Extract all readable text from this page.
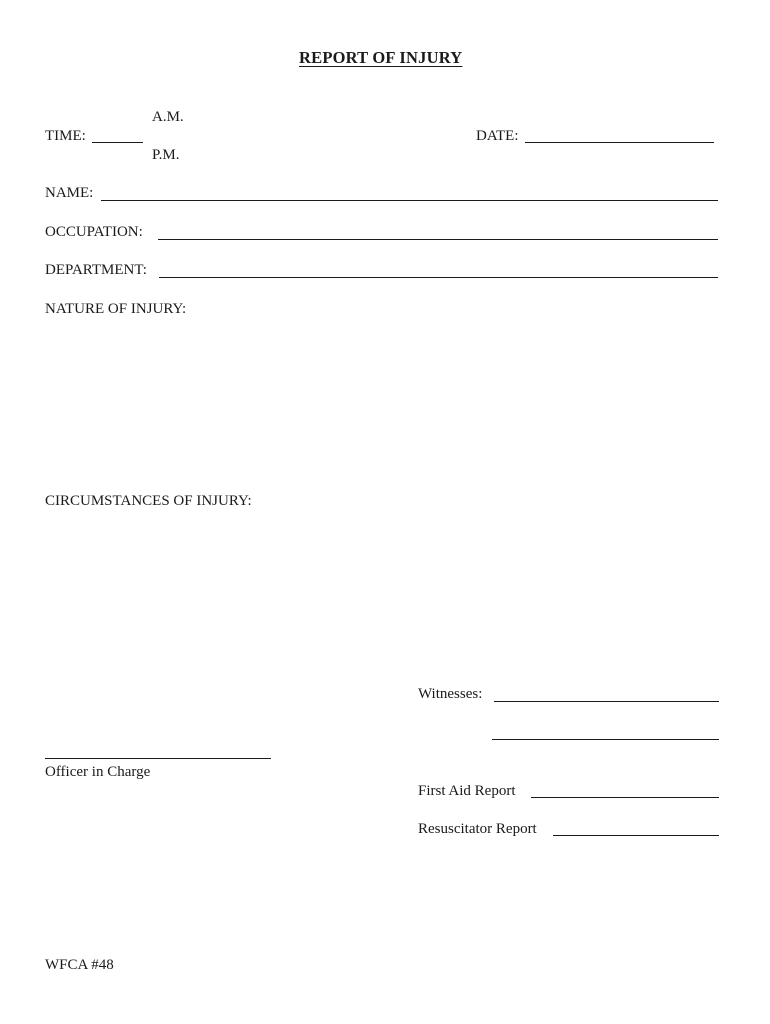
REPORT OF INJURY
A.M.
TIME:
P.M.
DATE:
NAME:
OCCUPATION:
DEPARTMENT:
NATURE OF INJURY:
CIRCUMSTANCES OF INJURY:
Witnesses:
Officer in Charge
First Aid Report
Resuscitator Report
WFCA #48
